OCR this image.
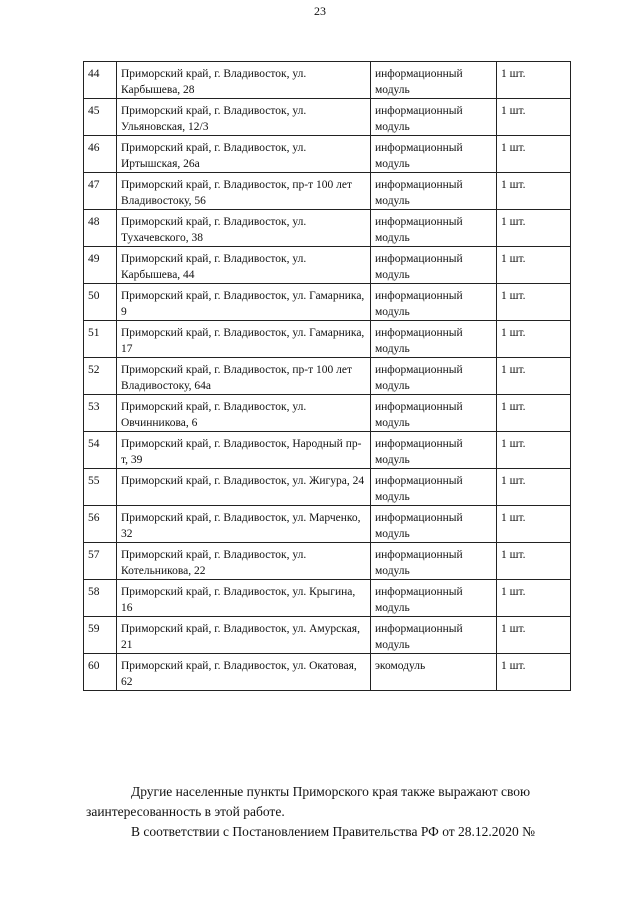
23
44	Приморский край, г. Владивосток, ул. Карбышева, 28	информационный модуль	1 шт.
45	Приморский край, г. Владивосток, ул. Ульяновская, 12/3	информационный модуль	1 шт.
46	Приморский край, г. Владивосток, ул. Иртышская, 26а	информационный модуль	1 шт.
47	Приморский край, г. Владивосток, пр-т 100 лет Владивостоку, 56	информационный модуль	1 шт.
48	Приморский край, г. Владивосток, ул. Тухачевского, 38	информационный модуль	1 шт.
49	Приморский край, г. Владивосток, ул. Карбышева, 44	информационный модуль	1 шт.
50	Приморский край, г. Владивосток, ул. Гамарника, 9	информационный модуль	1 шт.
51	Приморский край, г. Владивосток, ул. Гамарника, 17	информационный модуль	1 шт.
52	Приморский край, г. Владивосток, пр-т 100 лет Владивостоку, 64а	информационный модуль	1 шт.
53	Приморский край, г. Владивосток, ул. Овчинникова, 6	информационный модуль	1 шт.
54	Приморский край, г. Владивосток, Народный пр-т, 39	информационный модуль	1 шт.
55	Приморский край, г. Владивосток, ул. Жигура, 24	информационный модуль	1 шт.
56	Приморский край, г. Владивосток, ул. Марченко, 32	информационный модуль	1 шт.
57	Приморский край, г. Владивосток, ул. Котельникова, 22	информационный модуль	1 шт.
58	Приморский край, г. Владивосток, ул. Крыгина, 16	информационный модуль	1 шт.
59	Приморский край, г. Владивосток, ул. Амурская, 21	информационный модуль	1 шт.
60	Приморский край, г. Владивосток, ул. Окатовая, 62	экомодуль	1 шт.
Другие населенные пункты Приморского края также выражают свою
заинтересованность в этой работе.
В соответствии с Постановлением Правительства РФ от 28.12.2020 №
